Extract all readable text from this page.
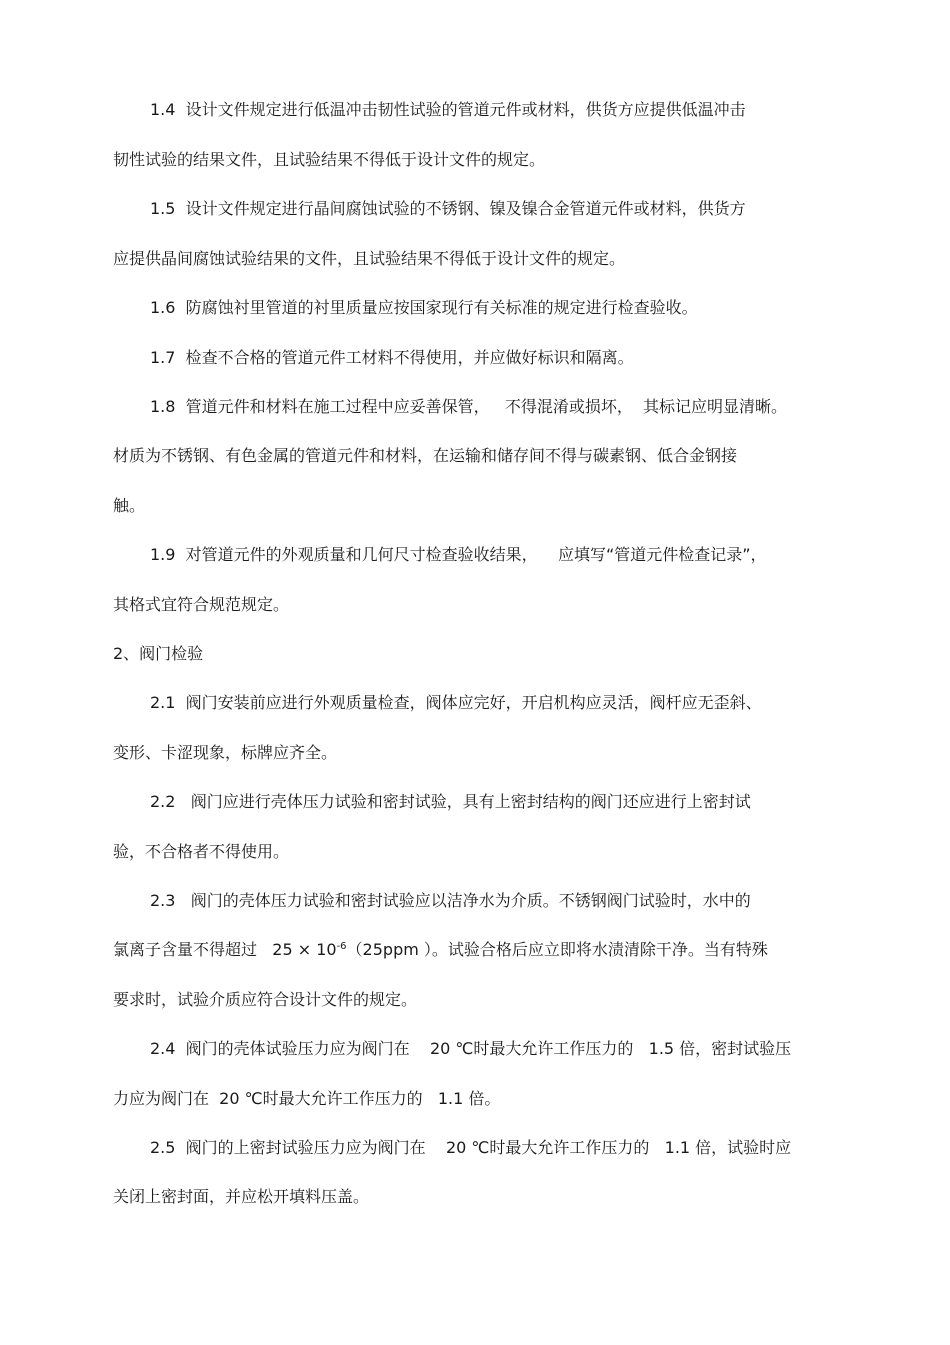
1.4  设计文件规定进行低温冲击韧性试验的管道元件或材料，供货方应提供低温冲击
韧性试验的结果文件，且试验结果不得低于设计文件的规定。
1.5  设计文件规定进行晶间腐蚀试验的不锈钢、镍及镍合金管道元件或材料，供货方
应提供晶间腐蚀试验结果的文件，且试验结果不得低于设计文件的规定。
1.6  防腐蚀衬里管道的衬里质量应按国家现行有关标准的规定进行检查验收。
1.7  检查不合格的管道元件工材料不得使用，并应做好标识和隔离。
1.8  管道元件和材料在施工过程中应妥善保管，   不得混淆或损坏，  其标记应明显清晰。
材质为不锈钢、有色金属的管道元件和材料，在运输和储存间不得与碳素钢、低合金钢接
触。
1.9  对管道元件的外观质量和几何尺寸检查验收结果，    应填写“管道元件检查记录”，
其格式宜符合规范规定。
2、阀门检验
2.1  阀门安装前应进行外观质量检查，阀体应完好，开启机构应灵活，阀杆应无歪斜、
变形、卡涩现象，标牌应齐全。
2.2   阀门应进行壳体压力试验和密封试验，具有上密封结构的阀门还应进行上密封试
验，不合格者不得使用。
2.3   阀门的壳体压力试验和密封试验应以洁净水为介质。不锈钢阀门试验时，水中的
氯离子含量不得超过   $25 \times 10^{-6}(25ppm$ ）。试验合格后应立即将水渍清除干净。当有特殊
要求时，试验介质应符合设计文件的规定。
2.4  阀门的壳体试验压力应为阀门在    20 ℃时最大允许工作压力的   1.5 倍，密封试验压
力应为阀门在  20 ℃时最大允许工作压力的   1.1 倍。
2.5  阀门的上密封试验压力应为阀门在    20 ℃时最大允许工作压力的   1.1 倍，试验时应
关闭上密封面，并应松开填料压盖。
